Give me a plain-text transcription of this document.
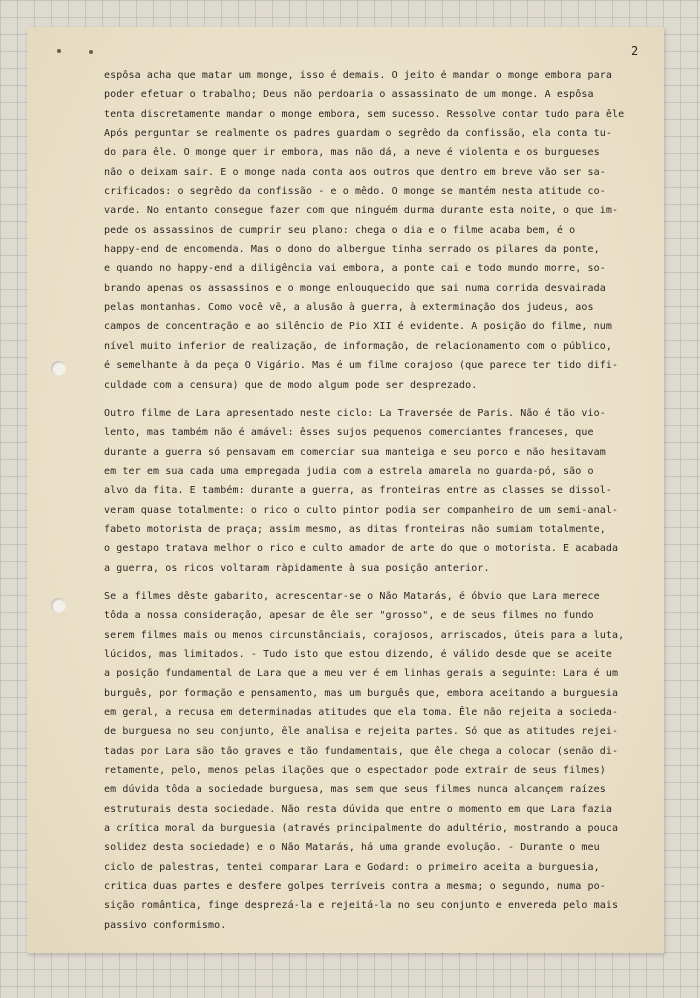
2
espôsa acha que matar um monge, isso é demais. O jeito é mandar o monge embora para
poder efetuar o trabalho; Deus não perdoaria o assassinato de um monge. A espôsa
tenta discretamente mandar o monge embora, sem sucesso. Ressolve contar tudo para êle
Após perguntar se realmente os padres guardam o segrêdo da confissão, ela conta tu-
do para êle. O monge quer ir embora, mas não dá, a neve é violenta e os burgueses
não o deixam sair. E o monge nada conta aos outros que dentro em breve vão ser sa-
crificados: o segrêdo da confissão - e o mêdo. O monge se mantém nesta atitude co-
varde. No entanto consegue fazer com que ninguém durma durante esta noite, o que im-
pede os assassinos de cumprir seu plano: chega o dia e o filme acaba bem, é o
happy-end de encomenda. Mas o dono do albergue tinha serrado os pilares da ponte,
e quando no happy-end a diligência vai embora, a ponte cai e todo mundo morre, so-
brando apenas os assassinos e o monge enlouquecido que sai numa corrida desvairada
pelas montanhas. Como você vê, a alusão à guerra, à exterminação dos judeus, aos
campos de concentração e ao silêncio de Pio XII é evidente. A posição do filme, num
nível muito inferior de realização, de informação, de relacionamento com o público,
é semelhante à da peça O Vigário. Mas é um filme corajoso (que parece ter tido difi-
culdade com a censura) que de modo algum pode ser desprezado.
Outro filme de Lara apresentado neste ciclo: La Traversée de Paris. Não é tão vio-
lento, mas também não é amável: êsses sujos pequenos comerciantes franceses, que
durante a guerra só pensavam em comerciar sua manteiga e seu porco e não hesitavam
em ter em sua cada uma empregada judia com a estrela amarela no guarda-pó, são o
alvo da fita. E também: durante a guerra, as fronteiras entre as classes se dissol-
veram quase totalmente: o rico o culto pintor podia ser companheiro de um semi-anal-
fabeto motorista de praça; assim mesmo, as ditas fronteiras não sumiam totalmente,
o gestapo tratava melhor o rico e culto amador de arte do que o motorista. E acabada
a guerra, os ricos voltaram ràpidamente à sua posição anterior.
Se a filmes dêste gabarito, acrescentar-se o Não Matarás, é óbvio que Lara merece
tôda a nossa consideração, apesar de êle ser "grosso", e de seus filmes no fundo
serem filmes mais ou menos circunstânciais, corajosos, arriscados, úteis para a luta,
lúcidos, mas limitados. - Tudo isto que estou dizendo, é válido desde que se aceite
a posição fundamental de Lara que a meu ver é em linhas gerais a seguinte: Lara é um
burguês, por formação e pensamento, mas um burguês que, embora aceitando a burguesia
em geral, a recusa em determinadas atitudes que ela toma. Êle não rejeita a socieda-
de burguesa no seu conjunto, êle analisa e rejeita partes. Só que as atitudes rejei-
tadas por Lara são tão graves e tão fundamentais, que êle chega a colocar (senão di-
retamente, pelo, menos pelas ilações que o espectador pode extrair de seus filmes)
em dúvida tôda a sociedade burguesa, mas sem que seus filmes nunca alcançem raízes
estruturais desta sociedade. Não resta dúvida que entre o momento em que Lara fazia
a crítica moral da burguesia (através principalmente do adultério, mostrando a pouca
solidez desta sociedade) e o Não Matarás, há uma grande evolução. - Durante o meu
ciclo de palestras, tentei comparar Lara e Godard: o primeiro aceita a burguesia,
critica duas partes e desfere golpes terríveis contra a mesma; o segundo, numa po-
sição romântica, finge desprezá-la e rejeitá-la no seu conjunto e envereda pelo mais
passivo conformismo.
